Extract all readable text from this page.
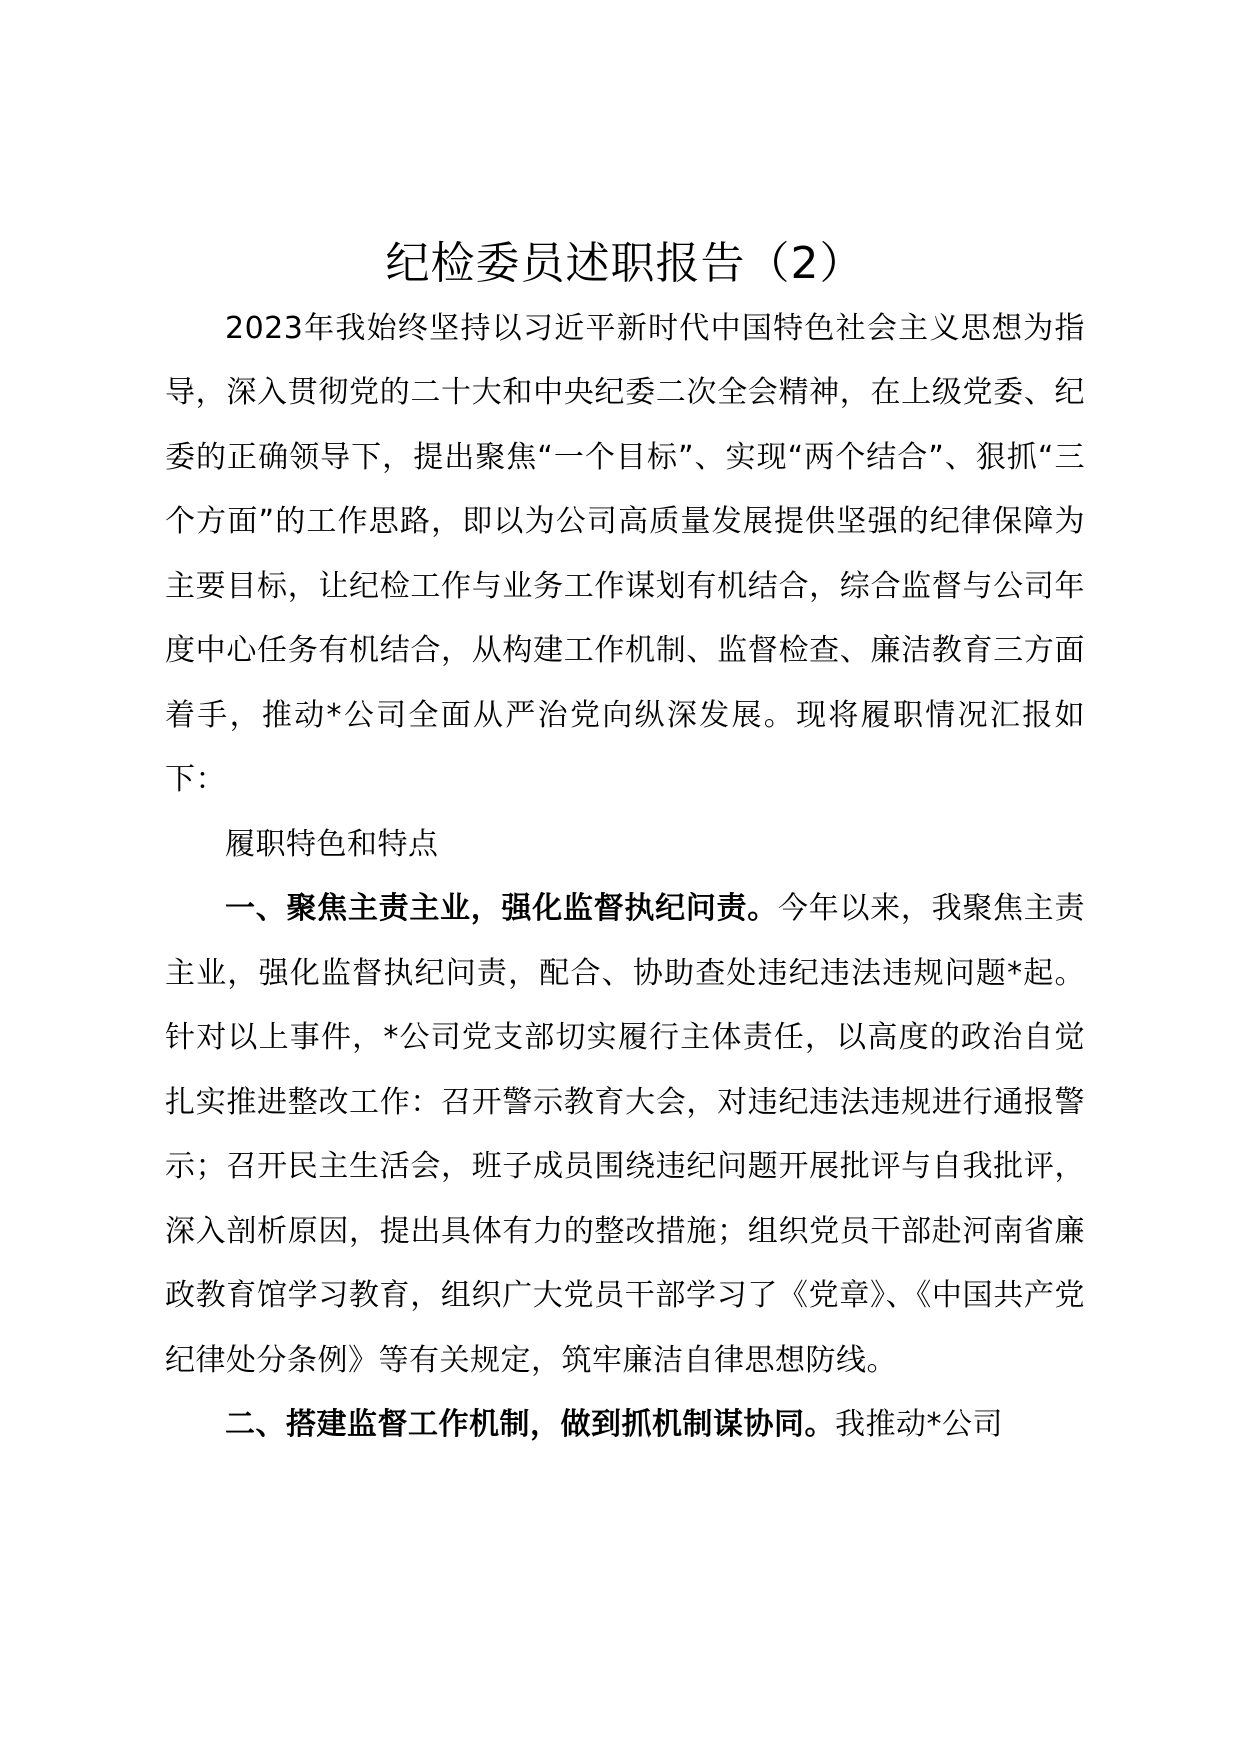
纪检委员述职报告（2）

2023年我始终坚持以习近平新时代中国特色社会主义思想为指导，深入贯彻党的二十大和中央纪委二次全会精神，在上级党委、纪委的正确领导下，提出聚焦“一个目标”、实现“两个结合”、狠抓“三个方面”的工作思路，即以为公司高质量发展提供坚强的纪律保障为主要目标，让纪检工作与业务工作谋划有机结合，综合监督与公司年度中心任务有机结合，从构建工作机制、监督检查、廉洁教育三方面着手，推动*公司全面从严治党向纵深发展。现将履职情况汇报如下：

履职特色和特点

一、聚焦主责主业，强化监督执纪问责。今年以来，我聚焦主责主业，强化监督执纪问责，配合、协助查处违纪违法违规问题*起。针对以上事件，*公司党支部切实履行主体责任，以高度的政治自觉扎实推进整改工作：召开警示教育大会，对违纪违法违规进行通报警示；召开民主生活会，班子成员围绕违纪问题开展批评与自我批评，深入剖析原因，提出具体有力的整改措施；组织党员干部赴河南省廉政教育馆学习教育，组织广大党员干部学习了《党章》、《中国共产党纪律处分条例》等有关规定，筑牢廉洁自律思想防线。

二、搭建监督工作机制，做到抓机制谋协同。我推动*公司
